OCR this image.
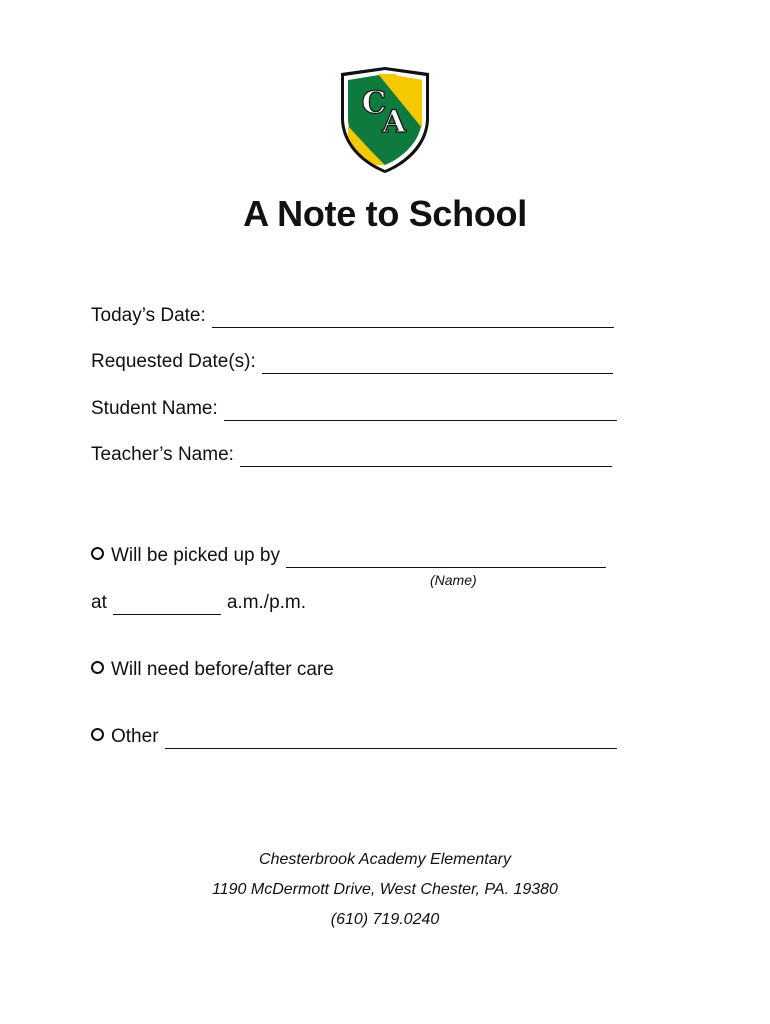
C
A
A Note to School
Today’s Date:
Requested Date(s):
Student Name:
Teacher’s Name:
Will be picked up by
(Name)
at	a.m./p.m.
Will need before/after care
Other
Chesterbrook Academy Elementary
1190 McDermott Drive, West Chester, PA. 19380
(610) 719.0240
